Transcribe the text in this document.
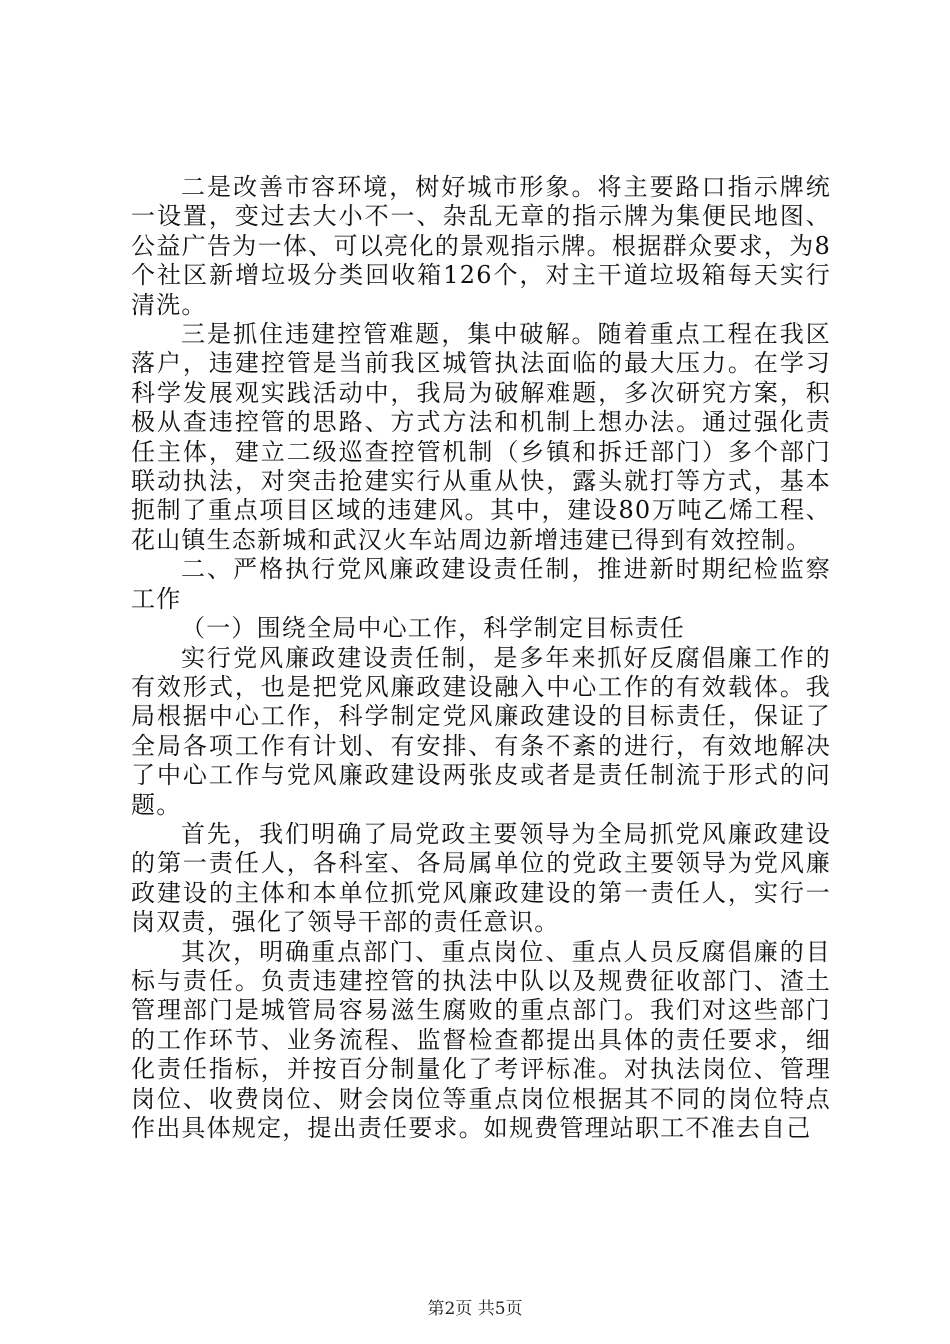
二是改善市容环境，树好城市形象。将主要路口指示牌统一设置，变过去大小不一、杂乱无章的指示牌为集便民地图、公益广告为一体、可以亮化的景观指示牌。根据群众要求，为8个社区新增垃圾分类回收箱126个，对主干道垃圾箱每天实行清洗。

三是抓住违建控管难题，集中破解。随着重点工程在我区落户，违建控管是当前我区城管执法面临的最大压力。在学习科学发展观实践活动中，我局为破解难题，多次研究方案，积极从查违控管的思路、方式方法和机制上想办法。通过强化责任主体，建立二级巡查控管机制（乡镇和拆迁部门）多个部门联动执法，对突击抢建实行从重从快，露头就打等方式，基本扼制了重点项目区域的违建风。其中，建设80万吨乙烯工程、花山镇生态新城和武汉火车站周边新增违建已得到有效控制。

二、严格执行党风廉政建设责任制，推进新时期纪检监察工作

（一）围绕全局中心工作，科学制定目标责任

实行党风廉政建设责任制，是多年来抓好反腐倡廉工作的有效形式，也是把党风廉政建设融入中心工作的有效载体。我局根据中心工作，科学制定党风廉政建设的目标责任，保证了全局各项工作有计划、有安排、有条不紊的进行，有效地解决了中心工作与党风廉政建设两张皮或者是责任制流于形式的问题。

首先，我们明确了局党政主要领导为全局抓党风廉政建设的第一责任人，各科室、各局属单位的党政主要领导为党风廉政建设的主体和本单位抓党风廉政建设的第一责任人，实行一岗双责，强化了领导干部的责任意识。

其次，明确重点部门、重点岗位、重点人员反腐倡廉的目标与责任。负责违建控管的执法中队以及规费征收部门、渣土管理部门是城管局容易滋生腐败的重点部门。我们对这些部门的工作环节、业务流程、监督检查都提出具体的责任要求，细化责任指标，并按百分制量化了考评标准。对执法岗位、管理岗位、收费岗位、财会岗位等重点岗位根据其不同的岗位特点作出具体规定，提出责任要求。如规费管理站职工不准去自己

第2页 共5页
